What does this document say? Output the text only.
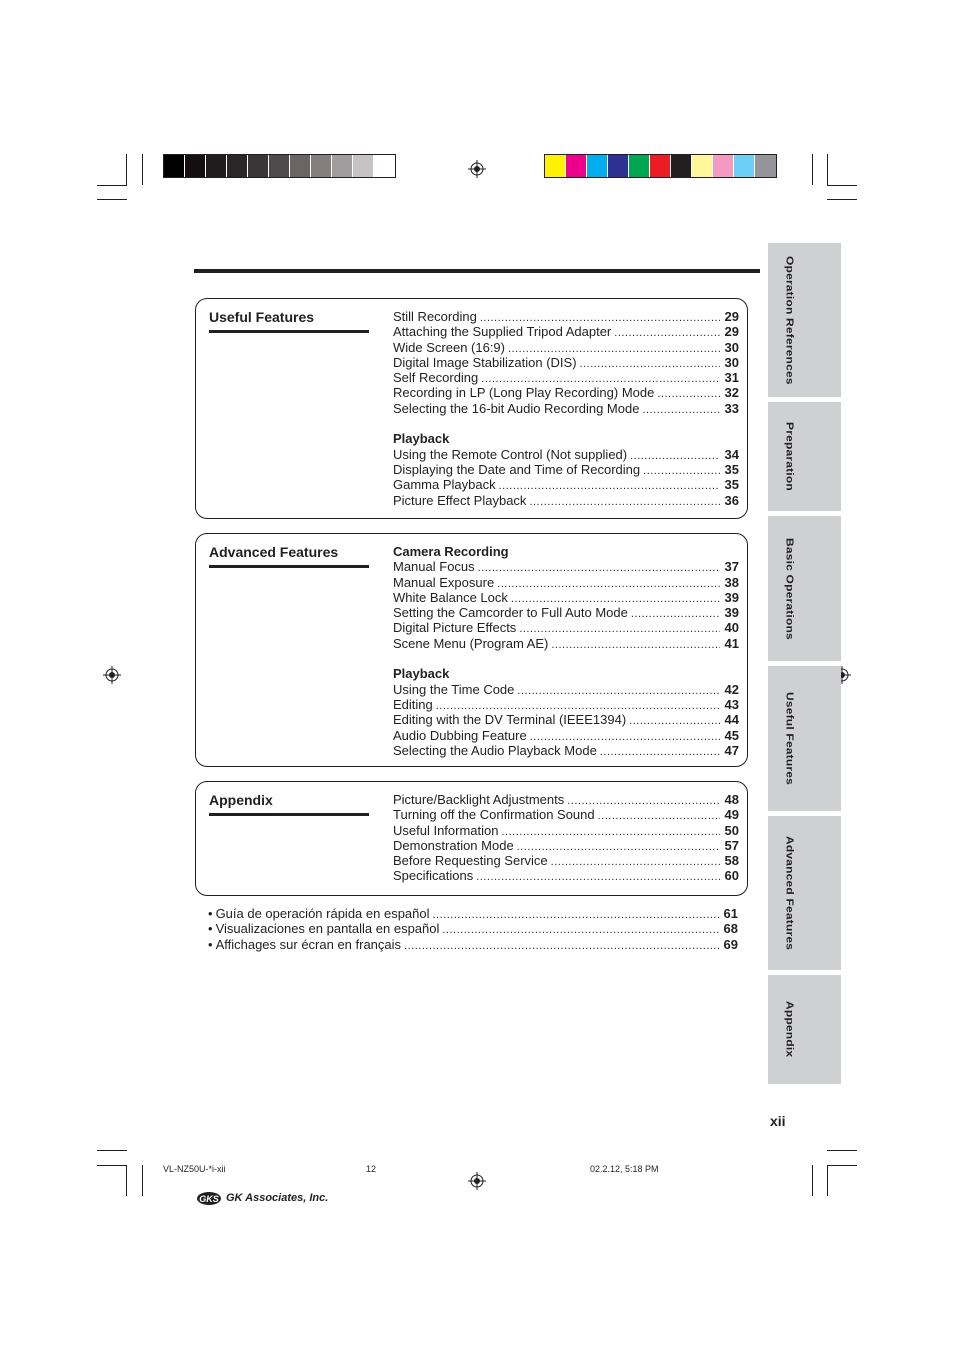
Useful Features	Still Recording .....	29
Attaching the Supplied Tripod Adapter .....	29
Wide Screen (16:9) .....	30
Digital Image Stabilization (DIS) .....	30
Self Recording .....	31
Recording in LP (Long Play Recording) Mode .....	32
Selecting the 16-bit Audio Recording Mode .....	33
Playback
Using the Remote Control (Not supplied) .....	34
Displaying the Date and Time of Recording .....	35
Gamma Playback .....	35
Picture Effect Playback .....	36
Advanced Features	Camera Recording
Manual Focus .....	37
Manual Exposure .....	38
White Balance Lock .....	39
Setting the Camcorder to Full Auto Mode .....	39
Digital Picture Effects .....	40
Scene Menu (Program AE) .....	41
Playback
Using the Time Code .....	42
Editing .....	43
Editing with the DV Terminal (IEEE1394) .....	44
Audio Dubbing Feature .....	45
Selecting the Audio Playback Mode .....	47
Appendix	Picture/Backlight Adjustments .....	48
Turning off the Confirmation Sound .....	49
Useful Information .....	50
Demonstration Mode .....	57
Before Requesting Service .....	58
Specifications .....	60
• Guía de operación rápida en español .....	61
• Visualizaciones en pantalla en español .....	68
• Affichages sur écran en français .....	69
Operation References
Preparation
Basic Operations
Useful Features
Advanced Features
Appendix
xii
VL-NZ50U-*i-xii	12	02.2.12, 5:18 PM
GKS GK Associates, Inc.
